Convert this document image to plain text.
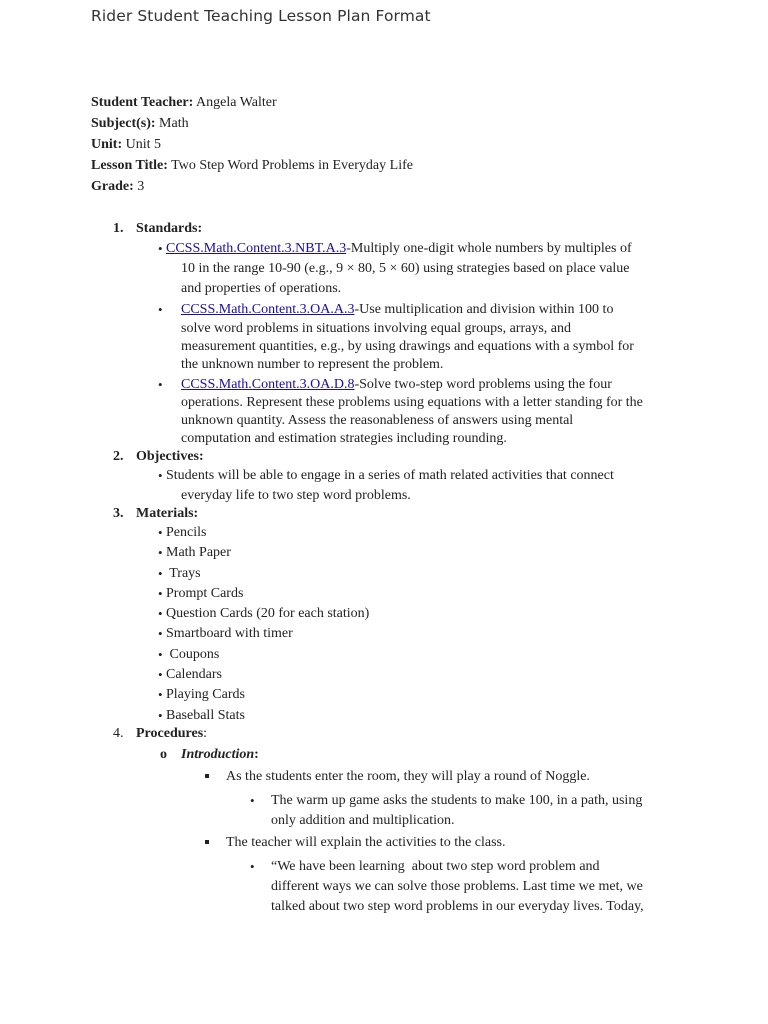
Rider Student Teaching Lesson Plan Format
Student Teacher: Angela Walter
Subject(s): Math
Unit: Unit 5
Lesson Title: Two Step Word Problems in Everyday Life
Grade: 3
1. Standards:
• CCSS.Math.Content.3.NBT.A.3-Multiply one-digit whole numbers by multiples of
10 in the range 10-90 (e.g., 9 × 80, 5 × 60) using strategies based on place value
and properties of operations.
• CCSS.Math.Content.3.OA.A.3-Use multiplication and division within 100 to
solve word problems in situations involving equal groups, arrays, and
measurement quantities, e.g., by using drawings and equations with a symbol for
the unknown number to represent the problem.
• CCSS.Math.Content.3.OA.D.8-Solve two-step word problems using the four
operations. Represent these problems using equations with a letter standing for the
unknown quantity. Assess the reasonableness of answers using mental
computation and estimation strategies including rounding.
2. Objectives:
• Students will be able to engage in a series of math related activities that connect
everyday life to two step word problems.
3. Materials:
• Pencils
• Math Paper
• Trays
• Prompt Cards
• Question Cards (20 for each station)
• Smartboard with timer
• Coupons
• Calendars
• Playing Cards
• Baseball Stats
4. Procedures:
o Introduction:
As the students enter the room, they will play a round of Noggle.
• The warm up game asks the students to make 100, in a path, using
only addition and multiplication.
The teacher will explain the activities to the class.
• “We have been learning  about two step word problem and
different ways we can solve those problems. Last time we met, we
talked about two step word problems in our everyday lives. Today,
